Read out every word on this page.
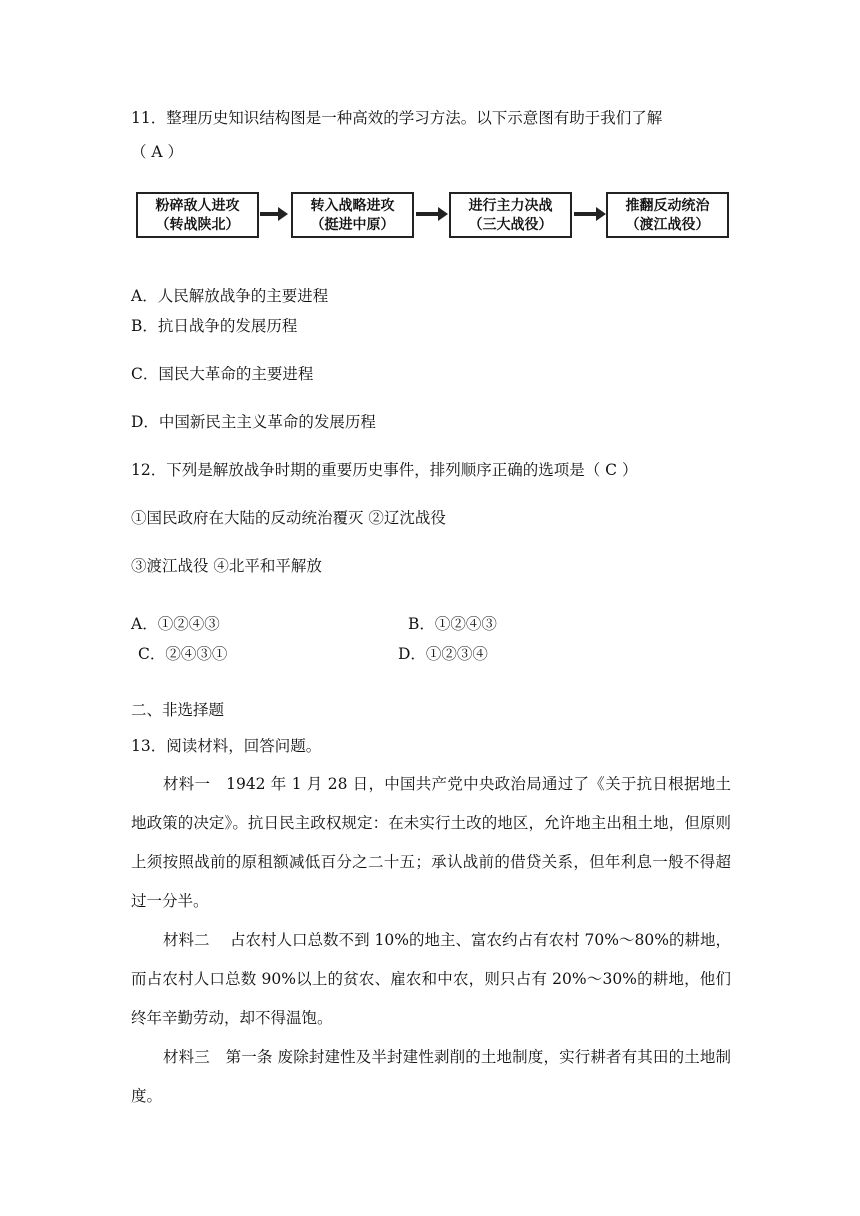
11．整理历史知识结构图是一种高效的学习方法。以下示意图有助于我们了解
（ A ）
粉碎敌人进攻
（转战陕北）
转入战略进攻
（挺进中原）
进行主力决战
（三大战役）
推翻反动统治
（渡江战役）
A．人民解放战争的主要进程
B．抗日战争的发展历程
C．国民大革命的主要进程
D．中国新民主主义革命的发展历程
12．下列是解放战争时期的重要历史事件，排列顺序正确的选项是（ C ）
①国民政府在大陆的反动统治覆灭 ②辽沈战役
③渡江战役 ④北平和平解放
A．①②④③	B．①②④③
C．②④③①	D．①②③④
二、非选择题
13．阅读材料，回答问题。
材料一　1942 年 1 月 28 日，中国共产党中央政治局通过了《关于抗日根据地土地政策的决定》。抗日民主政权规定：在未实行土改的地区，允许地主出租土地，但原则上须按照战前的原租额减低百分之二十五；承认战前的借贷关系，但年利息一般不得超过一分半。
材料二　 占农村人口总数不到 10%的地主、富农约占有农村 70%～80%的耕地，而占农村人口总数 90%以上的贫农、雇农和中农，则只占有 20%～30%的耕地，他们终年辛勤劳动，却不得温饱。
材料三　第一条 废除封建性及半封建性剥削的土地制度，实行耕者有其田的土地制度。
